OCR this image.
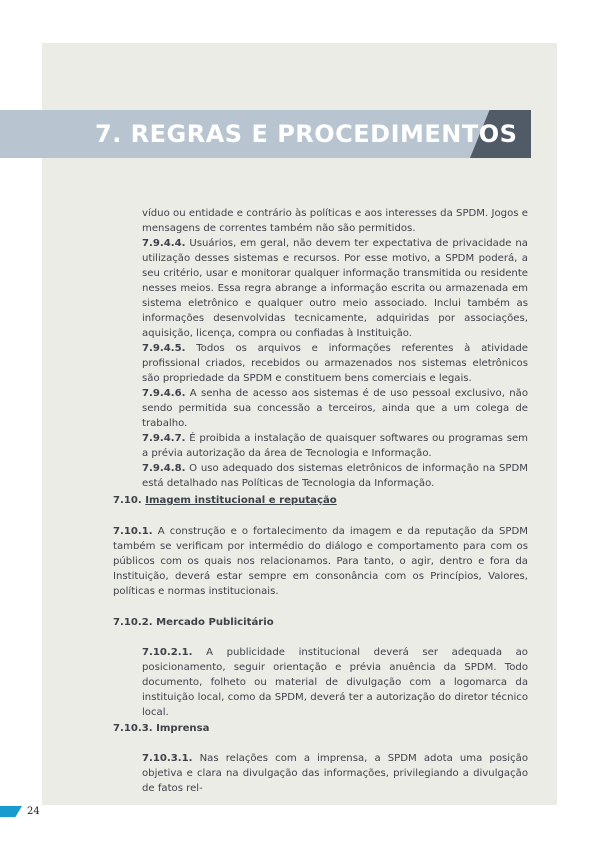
7. REGRAS E PROCEDIMENTOS

víduo ou entidade e contrário às políticas e aos interesses da SPDM. Jogos e mensagens de correntes também não são permitidos.

7.9.4.4. Usuários, em geral, não devem ter expectativa de privacidade na utilização desses sistemas e recursos. Por esse motivo, a SPDM poderá, a seu critério, usar e monitorar qualquer informação transmitida ou residente nesses meios. Essa regra abrange a informação escrita ou armazenada em sistema eletrônico e qualquer outro meio associado. Inclui também as informações desenvolvidas tecnicamente, adquiridas por associações, aquisição, licença, compra ou confiadas à Instituição.

7.9.4.5. Todos os arquivos e informações referentes à atividade profissional criados, recebidos ou armazenados nos sistemas eletrônicos são propriedade da SPDM e constituem bens comerciais e legais.

7.9.4.6. A senha de acesso aos sistemas é de uso pessoal exclusivo, não sendo permitida sua concessão a terceiros, ainda que a um colega de trabalho.

7.9.4.7. É proibida a instalação de quaisquer softwares ou programas sem a prévia autorização da área de Tecnologia e Informação.

7.9.4.8. O uso adequado dos sistemas eletrônicos de informação na SPDM está detalhado nas Políticas de Tecnologia da Informação.

7.10. Imagem institucional e reputação

7.10.1. A construção e o fortalecimento da imagem e da reputação da SPDM também se verificam por intermédio do diálogo e comportamento para com os públicos com os quais nos relacionamos. Para tanto, o agir, dentro e fora da Instituição, deverá estar sempre em consonância com os Princípios, Valores, políticas e normas institucionais.

7.10.2. Mercado Publicitário

7.10.2.1. A publicidade institucional deverá ser adequada ao posicionamento, seguir orientação e prévia anuência da SPDM. Todo documento, folheto ou material de divulgação com a logomarca da instituição local, como da SPDM, deverá ter a autorização do diretor técnico local.

7.10.3. Imprensa

7.10.3.1. Nas relações com a imprensa, a SPDM adota uma posição objetiva e clara na divulgação das informações, privilegiando a divulgação de fatos rel-

24
